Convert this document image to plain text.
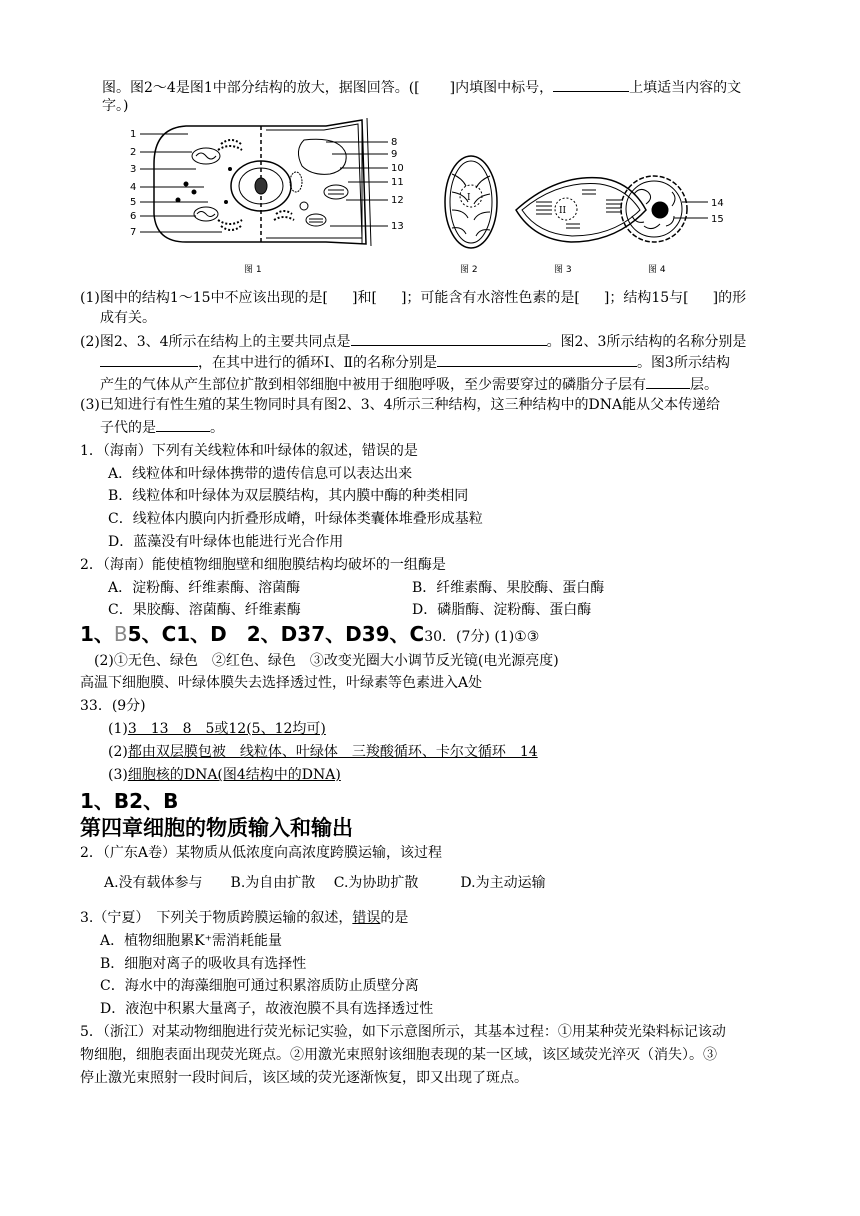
图。图2～4是图1中部分结构的放大，据图回答。([ ]内填图中标号，	上填适当内容的文
字。)
1
2
3
4
5
6
7
8
9
10
11
12
13
图 1
I
图 2
II
图 3
14
15
图 4
(1)图中的结构1～15中不应该出现的是[ ]和[ ]；可能含有水溶性色素的是[ ]；结构15与[ ]的形
成有关。
(2)图2、3、4所示在结构上的主要共同点是	。图2、3所示结构的名称分别是
，在其中进行的循环Ⅰ、Ⅱ的名称分别是	。图3所示结构
产生的气体从产生部位扩散到相邻细胞中被用于细胞呼吸，至少需要穿过的磷脂分子层有	层。
(3)已知进行有性生殖的某生物同时具有图2、3、4所示三种结构，这三种结构中的DNA能从父本传递给
子代的是	。
1．（海南）下列有关线粒体和叶绿体的叙述，错误的是
A．线粒体和叶绿体携带的遗传信息可以表达出来
B．线粒体和叶绿体为双层膜结构，其内膜中酶的种类相同
C．线粒体内膜向内折叠形成嵴，叶绿体类囊体堆叠形成基粒
D．蓝藻没有叶绿体也能进行光合作用
2．（海南）能使植物细胞壁和细胞膜结构均破坏的一组酶是
A．淀粉酶、纤维素酶、溶菌酶	B．纤维素酶、果胶酶、蛋白酶
C．果胶酶、溶菌酶、纤维素酶	D．磷脂酶、淀粉酶、蛋白酶
1、B5、C1、D　2、D37、D39、C30．(7分) (1)①③
(2)①无色、绿色　②红色、绿色　③改变光圈大小调节反光镜(电光源亮度)
高温下细胞膜、叶绿体膜失去选择透过性，叶绿素等色素进入A处
33．(9分)
(1)3　13　8　5或12(5、12均可)
(2)都由双层膜包被　线粒体、叶绿体　三羧酸循环、卡尔文循环　14
(3)细胞核的DNA(图4结构中的DNA)
1、B2、B
第四章细胞的物质输入和输出
2．（广东A卷）某物质从低浓度向高浓度跨膜运输，该过程
A.没有载体参与　　B.为自由扩散　 C.为协助扩散　　　D.为主动运输
3.（宁夏）　下列关于物质跨膜运输的叙述，错误的是
A．植物细胞累K⁺需消耗能量
B．细胞对离子的吸收具有选择性
C．海水中的海藻细胞可通过积累溶质防止质壁分离
D．液泡中积累大量离子，故液泡膜不具有选择透过性
5．（浙江）对某动物细胞进行荧光标记实验，如下示意图所示，其基本过程：①用某种荧光染料标记该动
物细胞，细胞表面出现荧光斑点。②用激光束照射该细胞表现的某一区域，该区域荧光淬灭（消失）。③
停止激光束照射一段时间后，该区域的荧光逐渐恢复，即又出现了斑点。
